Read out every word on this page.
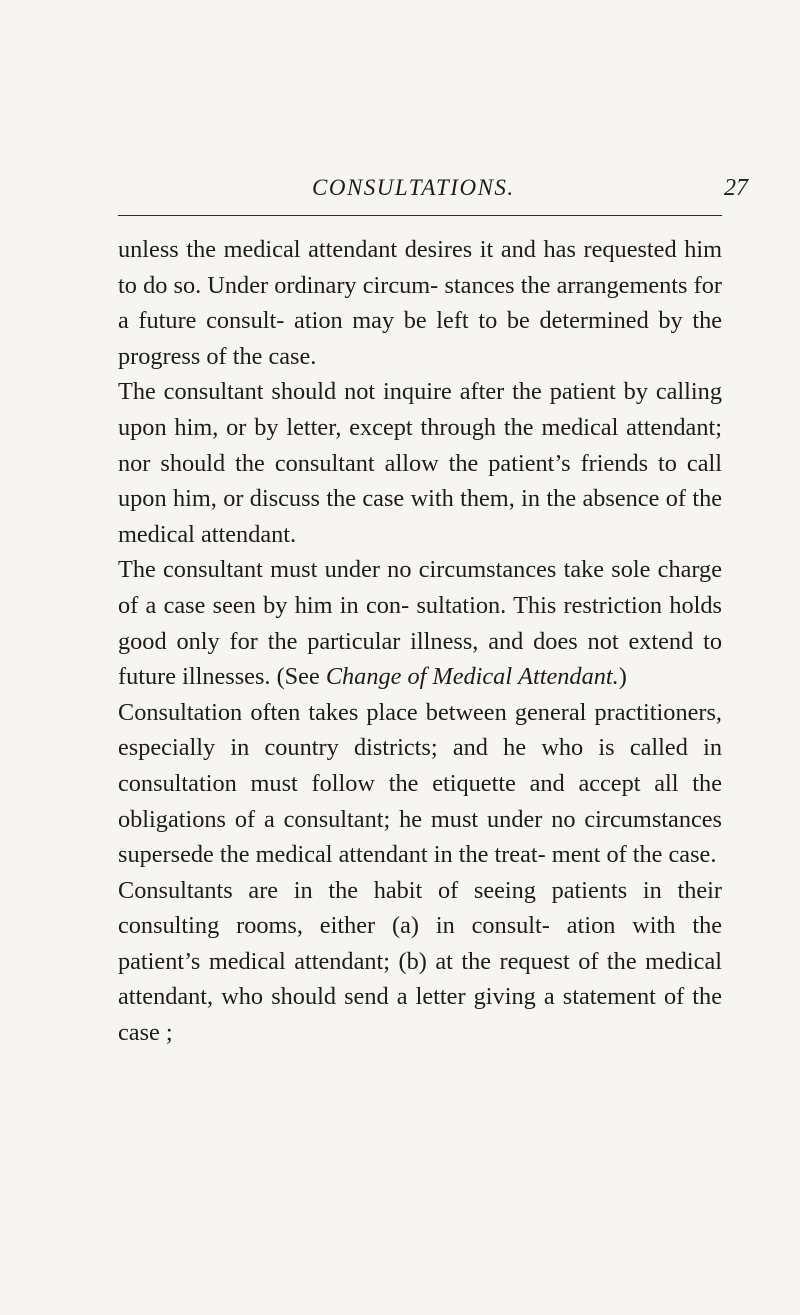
CONSULTATIONS.	27

unless the medical attendant desires it and has requested him to do so. Under ordinary circum- stances the arrangements for a future consult- ation may be left to be determined by the progress of the case.

The consultant should not inquire after the patient by calling upon him, or by letter, except through the medical attendant; nor should the consultant allow the patient’s friends to call upon him, or discuss the case with them, in the absence of the medical attendant.

The consultant must under no circumstances take sole charge of a case seen by him in con- sultation. This restriction holds good only for the particular illness, and does not extend to future illnesses. (See Change of Medical Attendant.)

Consultation often takes place between general practitioners, especially in country districts; and he who is called in consultation must follow the etiquette and accept all the obligations of a consultant; he must under no circumstances supersede the medical attendant in the treat- ment of the case.

Consultants are in the habit of seeing patients in their consulting rooms, either (a) in consult- ation with the patient’s medical attendant; (b) at the request of the medical attendant, who should send a letter giving a statement of the case ;
